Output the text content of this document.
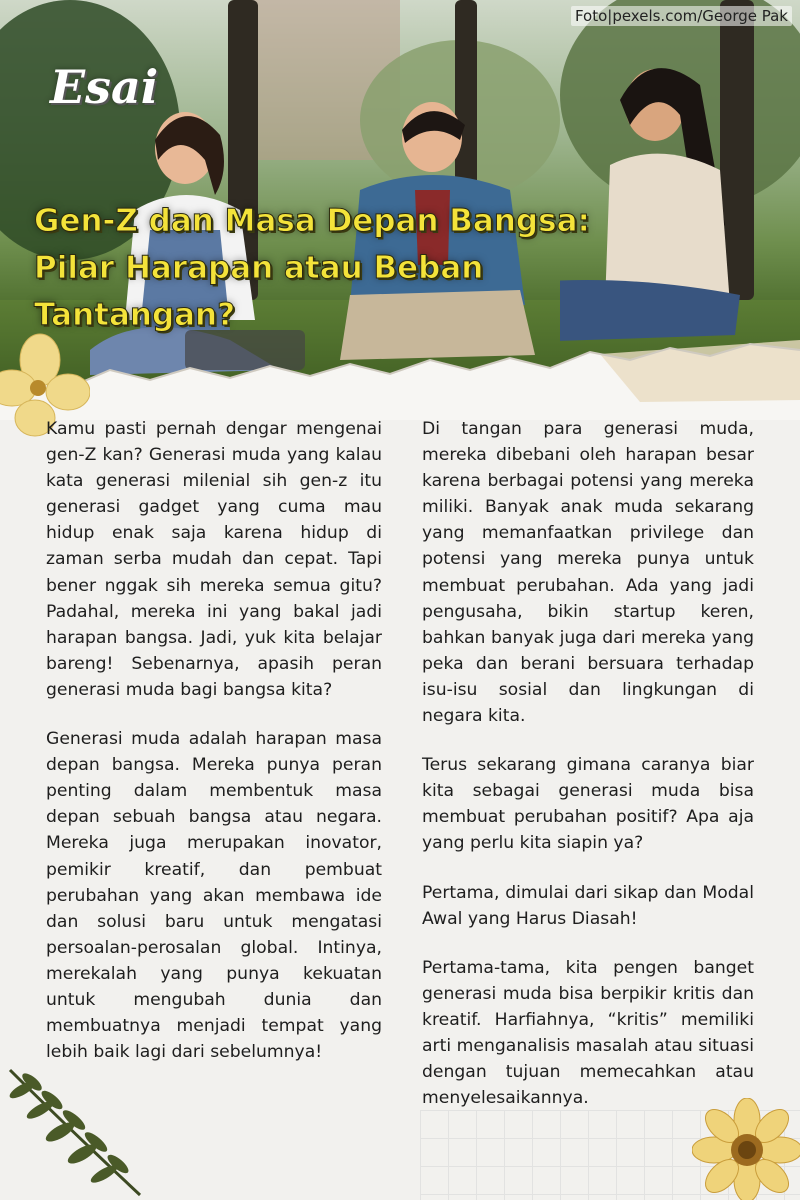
Foto|pexels.com/George Pak
Esai
Gen-Z dan Masa Depan Bangsa: Pilar Harapan atau Beban Tantangan?

Kamu pasti pernah dengar mengenai gen-Z kan? Generasi muda yang kalau kata generasi milenial sih gen-z itu generasi gadget yang cuma mau hidup enak saja karena hidup di zaman serba mudah dan cepat. Tapi bener nggak sih mereka semua gitu? Padahal, mereka ini yang bakal jadi harapan bangsa. Jadi, yuk kita belajar bareng! Sebenarnya, apasih peran generasi muda bagi bangsa kita?

Generasi muda adalah harapan masa depan bangsa. Mereka punya peran penting dalam membentuk masa depan sebuah bangsa atau negara. Mereka juga merupakan inovator, pemikir kreatif, dan pembuat perubahan yang akan membawa ide dan solusi baru untuk mengatasi persoalan-perosalan global. Intinya, merekalah yang punya kekuatan untuk mengubah dunia dan membuatnya menjadi tempat yang lebih baik lagi dari sebelumnya!

Di tangan para generasi muda, mereka dibebani oleh harapan besar karena berbagai potensi yang mereka miliki. Banyak anak muda sekarang yang memanfaatkan privilege dan potensi yang mereka punya untuk membuat perubahan. Ada yang jadi pengusaha, bikin startup keren, bahkan banyak juga dari mereka yang peka dan berani bersuara terhadap isu-isu sosial dan lingkungan di negara kita.

Terus sekarang gimana caranya biar kita sebagai generasi muda bisa membuat perubahan positif? Apa aja yang perlu kita siapin ya?

Pertama, dimulai dari sikap dan Modal Awal yang Harus Diasah!

Pertama-tama, kita pengen banget generasi muda bisa berpikir kritis dan kreatif. Harfiahnya, “kritis” memiliki arti menganalisis masalah atau situasi dengan tujuan memecahkan atau menyelesaikannya.
